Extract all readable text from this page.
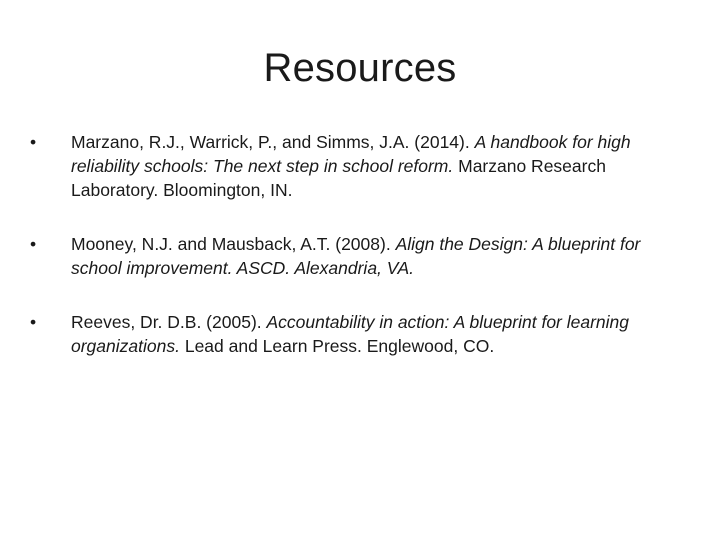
Resources
•	Marzano, R.J., Warrick, P., and Simms, J.A. (2014). A handbook for high reliability schools: The next step in school reform. Marzano Research Laboratory. Bloomington, IN.
•	Mooney, N.J. and Mausback, A.T. (2008). Align the Design: A blueprint for school improvement. ASCD. Alexandria, VA.
•	Reeves, Dr. D.B. (2005). Accountability in action: A blueprint for learning organizations. Lead and Learn Press. Englewood, CO.
